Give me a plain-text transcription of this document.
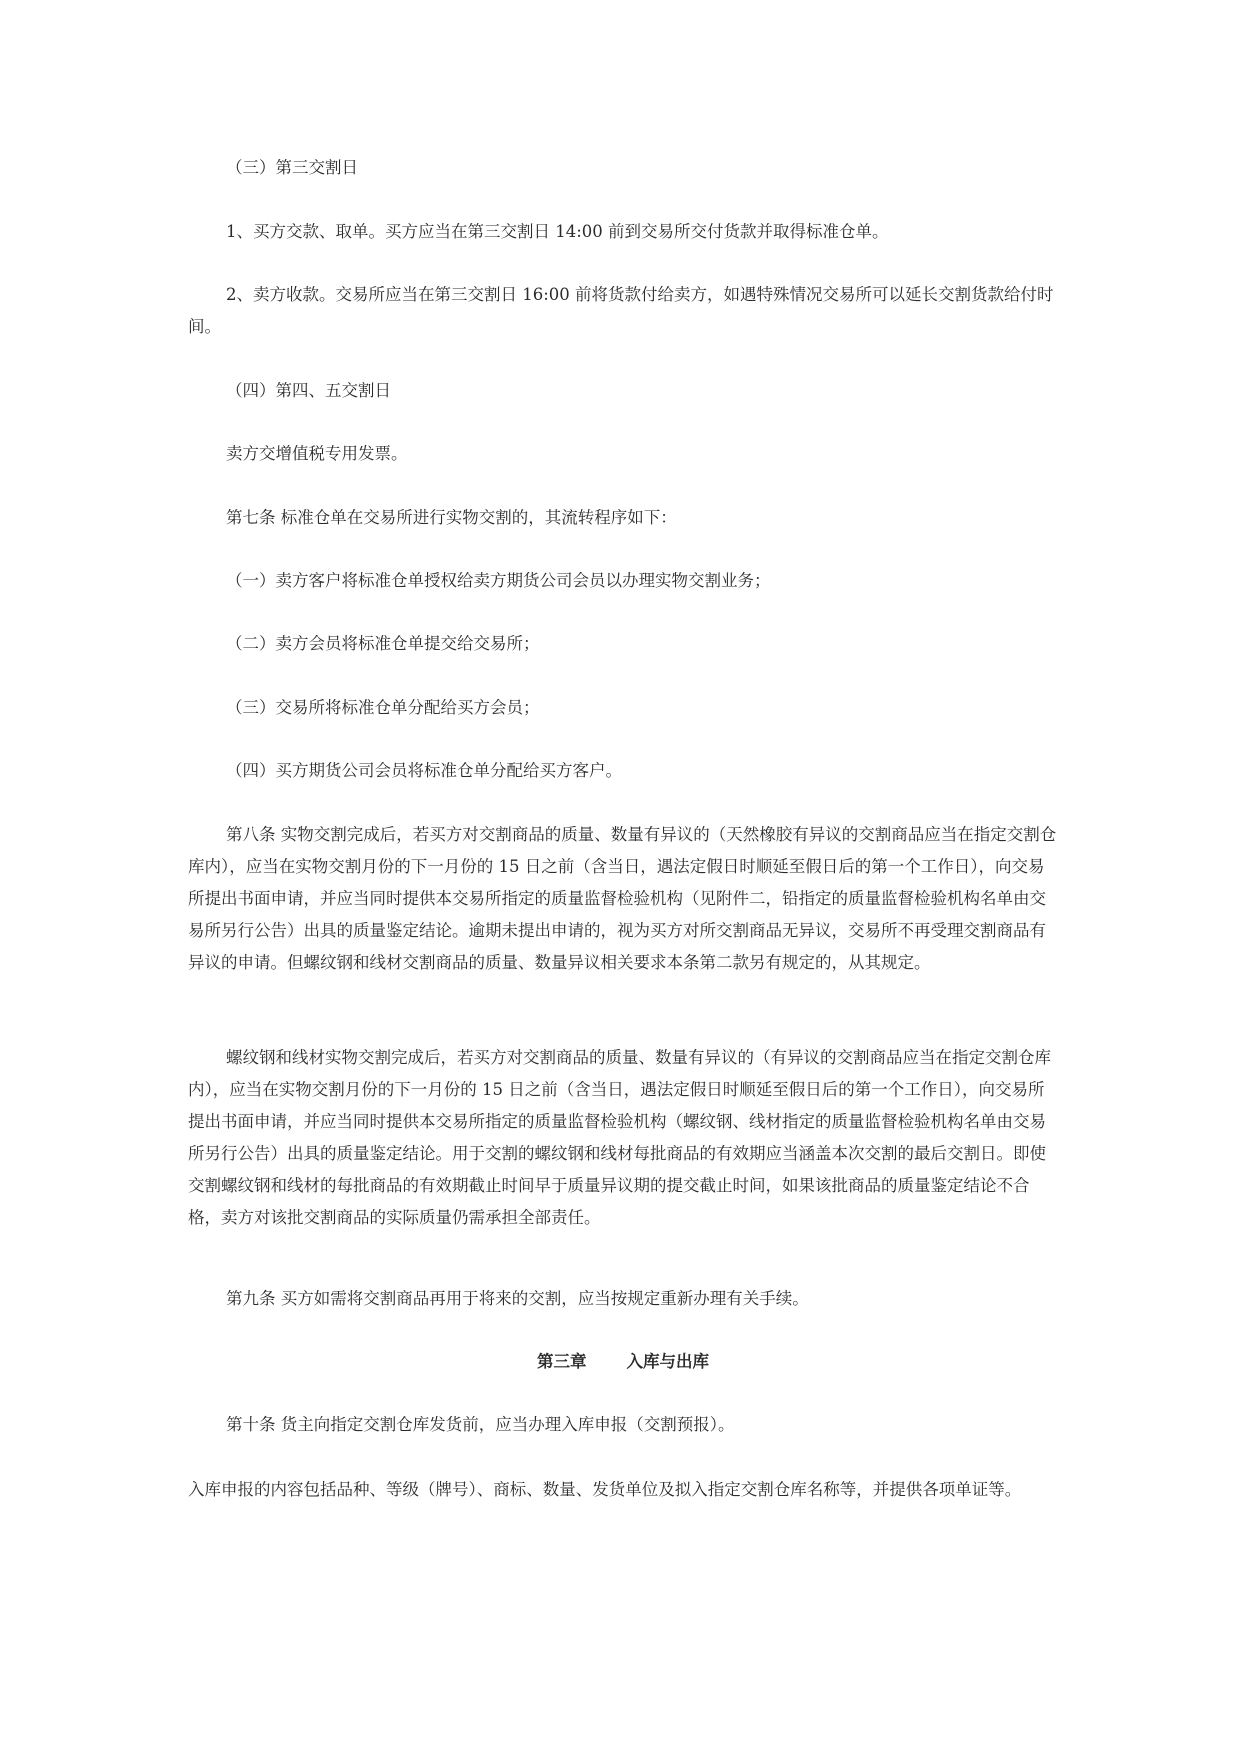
（三）第三交割日

1、买方交款、取单。买方应当在第三交割日 14:00 前到交易所交付货款并取得标准仓单。

2、卖方收款。交易所应当在第三交割日 16:00 前将货款付给卖方，如遇特殊情况交易所可以延长交割货款给付时间。

（四）第四、五交割日

卖方交增值税专用发票。

第七条 标准仓单在交易所进行实物交割的，其流转程序如下：

（一）卖方客户将标准仓单授权给卖方期货公司会员以办理实物交割业务；

（二）卖方会员将标准仓单提交给交易所；

（三）交易所将标准仓单分配给买方会员；

（四）买方期货公司会员将标准仓单分配给买方客户。

第八条 实物交割完成后，若买方对交割商品的质量、数量有异议的（天然橡胶有异议的交割商品应当在指定交割仓库内），应当在实物交割月份的下一月份的 15 日之前（含当日，遇法定假日时顺延至假日后的第一个工作日），向交易所提出书面申请，并应当同时提供本交易所指定的质量监督检验机构（见附件二，铅指定的质量监督检验机构名单由交易所另行公告）出具的质量鉴定结论。逾期未提出申请的，视为买方对所交割商品无异议，交易所不再受理交割商品有异议的申请。但螺纹钢和线材交割商品的质量、数量异议相关要求本条第二款另有规定的，从其规定。

螺纹钢和线材实物交割完成后，若买方对交割商品的质量、数量有异议的（有异议的交割商品应当在指定交割仓库内），应当在实物交割月份的下一月份的 15 日之前（含当日，遇法定假日时顺延至假日后的第一个工作日），向交易所提出书面申请，并应当同时提供本交易所指定的质量监督检验机构（螺纹钢、线材指定的质量监督检验机构名单由交易所另行公告）出具的质量鉴定结论。用于交割的螺纹钢和线材每批商品的有效期应当涵盖本次交割的最后交割日。即使交割螺纹钢和线材的每批商品的有效期截止时间早于质量异议期的提交截止时间，如果该批商品的质量鉴定结论不合格，卖方对该批交割商品的实际质量仍需承担全部责任。

第九条 买方如需将交割商品再用于将来的交割，应当按规定重新办理有关手续。

第三章 入库与出库

第十条 货主向指定交割仓库发货前，应当办理入库申报（交割预报）。

入库申报的内容包括品种、等级（牌号）、商标、数量、发货单位及拟入指定交割仓库名称等，并提供各项单证等。
